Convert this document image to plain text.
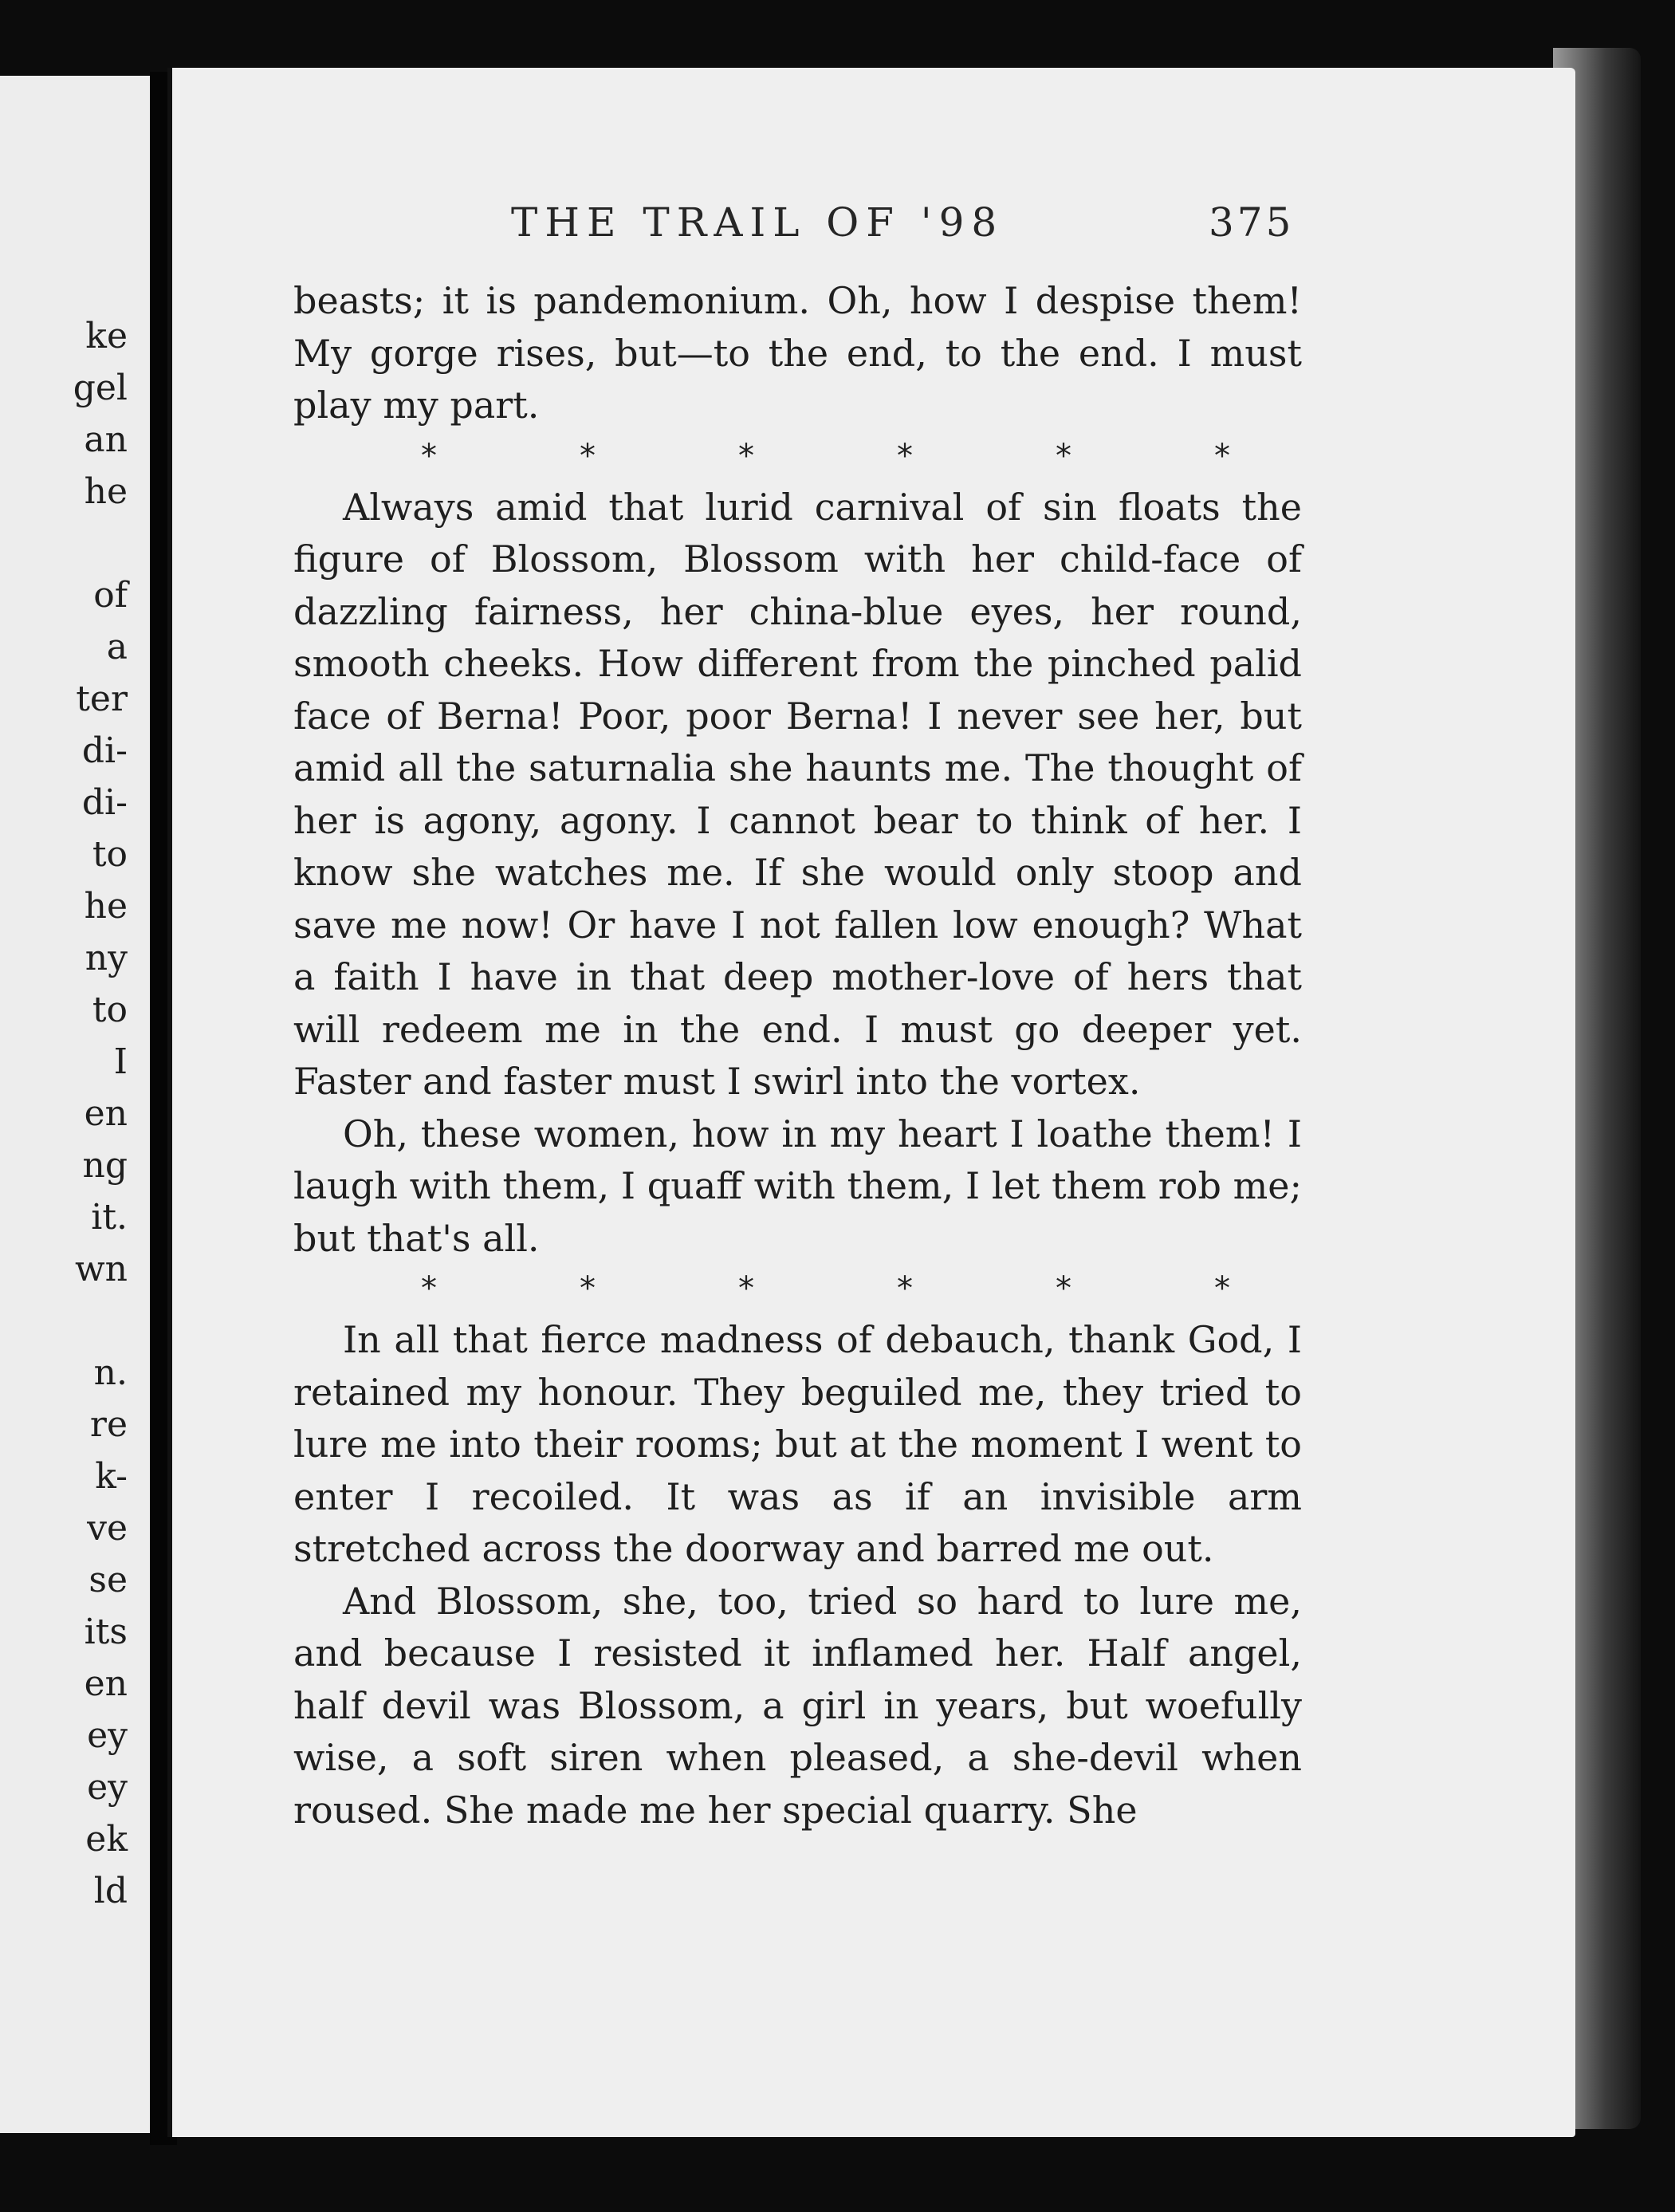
ke
gel
an
he
of
a
ter
di-
di-
to
he
ny
to
I
en
ng
it.
wn
n.
re
k-
ve
se
its
en
ey
ey
ek
ld
THE TRAIL OF '98	375

beasts; it is pandemonium. Oh, how I despise them! My gorge rises, but—to the end, to the end. I must play my part.

*	*	*	*	*	*

Always amid that lurid carnival of sin floats the figure of Blossom, Blossom with her child-face of dazzling fairness, her china-blue eyes, her round, smooth cheeks. How different from the pinched palid face of Berna! Poor, poor Berna! I never see her, but amid all the saturnalia she haunts me. The thought of her is agony, agony. I cannot bear to think of her. I know she watches me. If she would only stoop and save me now! Or have I not fallen low enough? What a faith I have in that deep mother-love of hers that will redeem me in the end. I must go deeper yet. Faster and faster must I swirl into the vortex.

Oh, these women, how in my heart I loathe them! I laugh with them, I quaff with them, I let them rob me; but that's all.

*	*	*	*	*	*

In all that fierce madness of debauch, thank God, I retained my honour. They beguiled me, they tried to lure me into their rooms; but at the moment I went to enter I recoiled. It was as if an invisible arm stretched across the doorway and barred me out.

And Blossom, she, too, tried so hard to lure me, and because I resisted it inflamed her. Half angel, half devil was Blossom, a girl in years, but woefully wise, a soft siren when pleased, a she-devil when roused. She made me her special quarry. She
